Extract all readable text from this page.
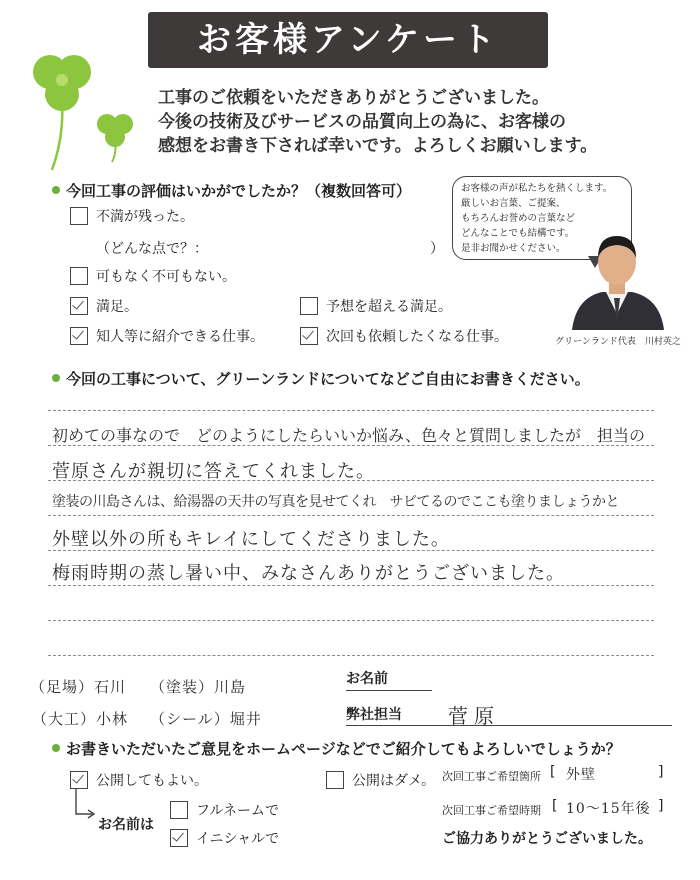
お客様アンケート
工事のご依頼をいただきありがとうございました。
今後の技術及びサービスの品質向上の為に、お客様の
感想をお書き下されば幸いです。よろしくお願いします。
今回工事の評価はいかがでしたか？（複数回答可）
不満が残った。
（どんな点で？：	）
可もなく不可もない。
満足。	予想を超える満足。
知人等に紹介できる仕事。	次回も依頼したくなる仕事。
お客様の声が私たちを熱くします。
厳しいお言葉、ご提案、
もちろんお誉めの言葉など
どんなことでも結構です。
是非お聞かせください。
グリーンランド代表　川村英之
今回の工事について、グリーンランドについてなどご自由にお書きください。
初めての事なので　どのようにしたらいいか悩み、色々と質問しましたが　担当の
菅原さんが親切に答えてくれました。
塗装の川島さんは、給湯器の天井の写真を見せてくれ　サビてるのでここも塗りましょうかと
外壁以外の所もキレイにしてくださりました。
梅雨時期の蒸し暑い中、みなさんありがとうございました。
（足場）石川 （塗装）川島
（大工）小林 （シール）堀井
お名前
弊社担当 菅原
お書きいただいたご意見をホームページなどでご紹介してもよろしいでしょうか？
公開してもよい。	公開はダメ。
お名前は
フルネームで
イニシャルで
次回工事ご希望箇所 [ 外壁	]
次回工事ご希望時期 [ 10〜15年後 ]
ご協力ありがとうございました。
